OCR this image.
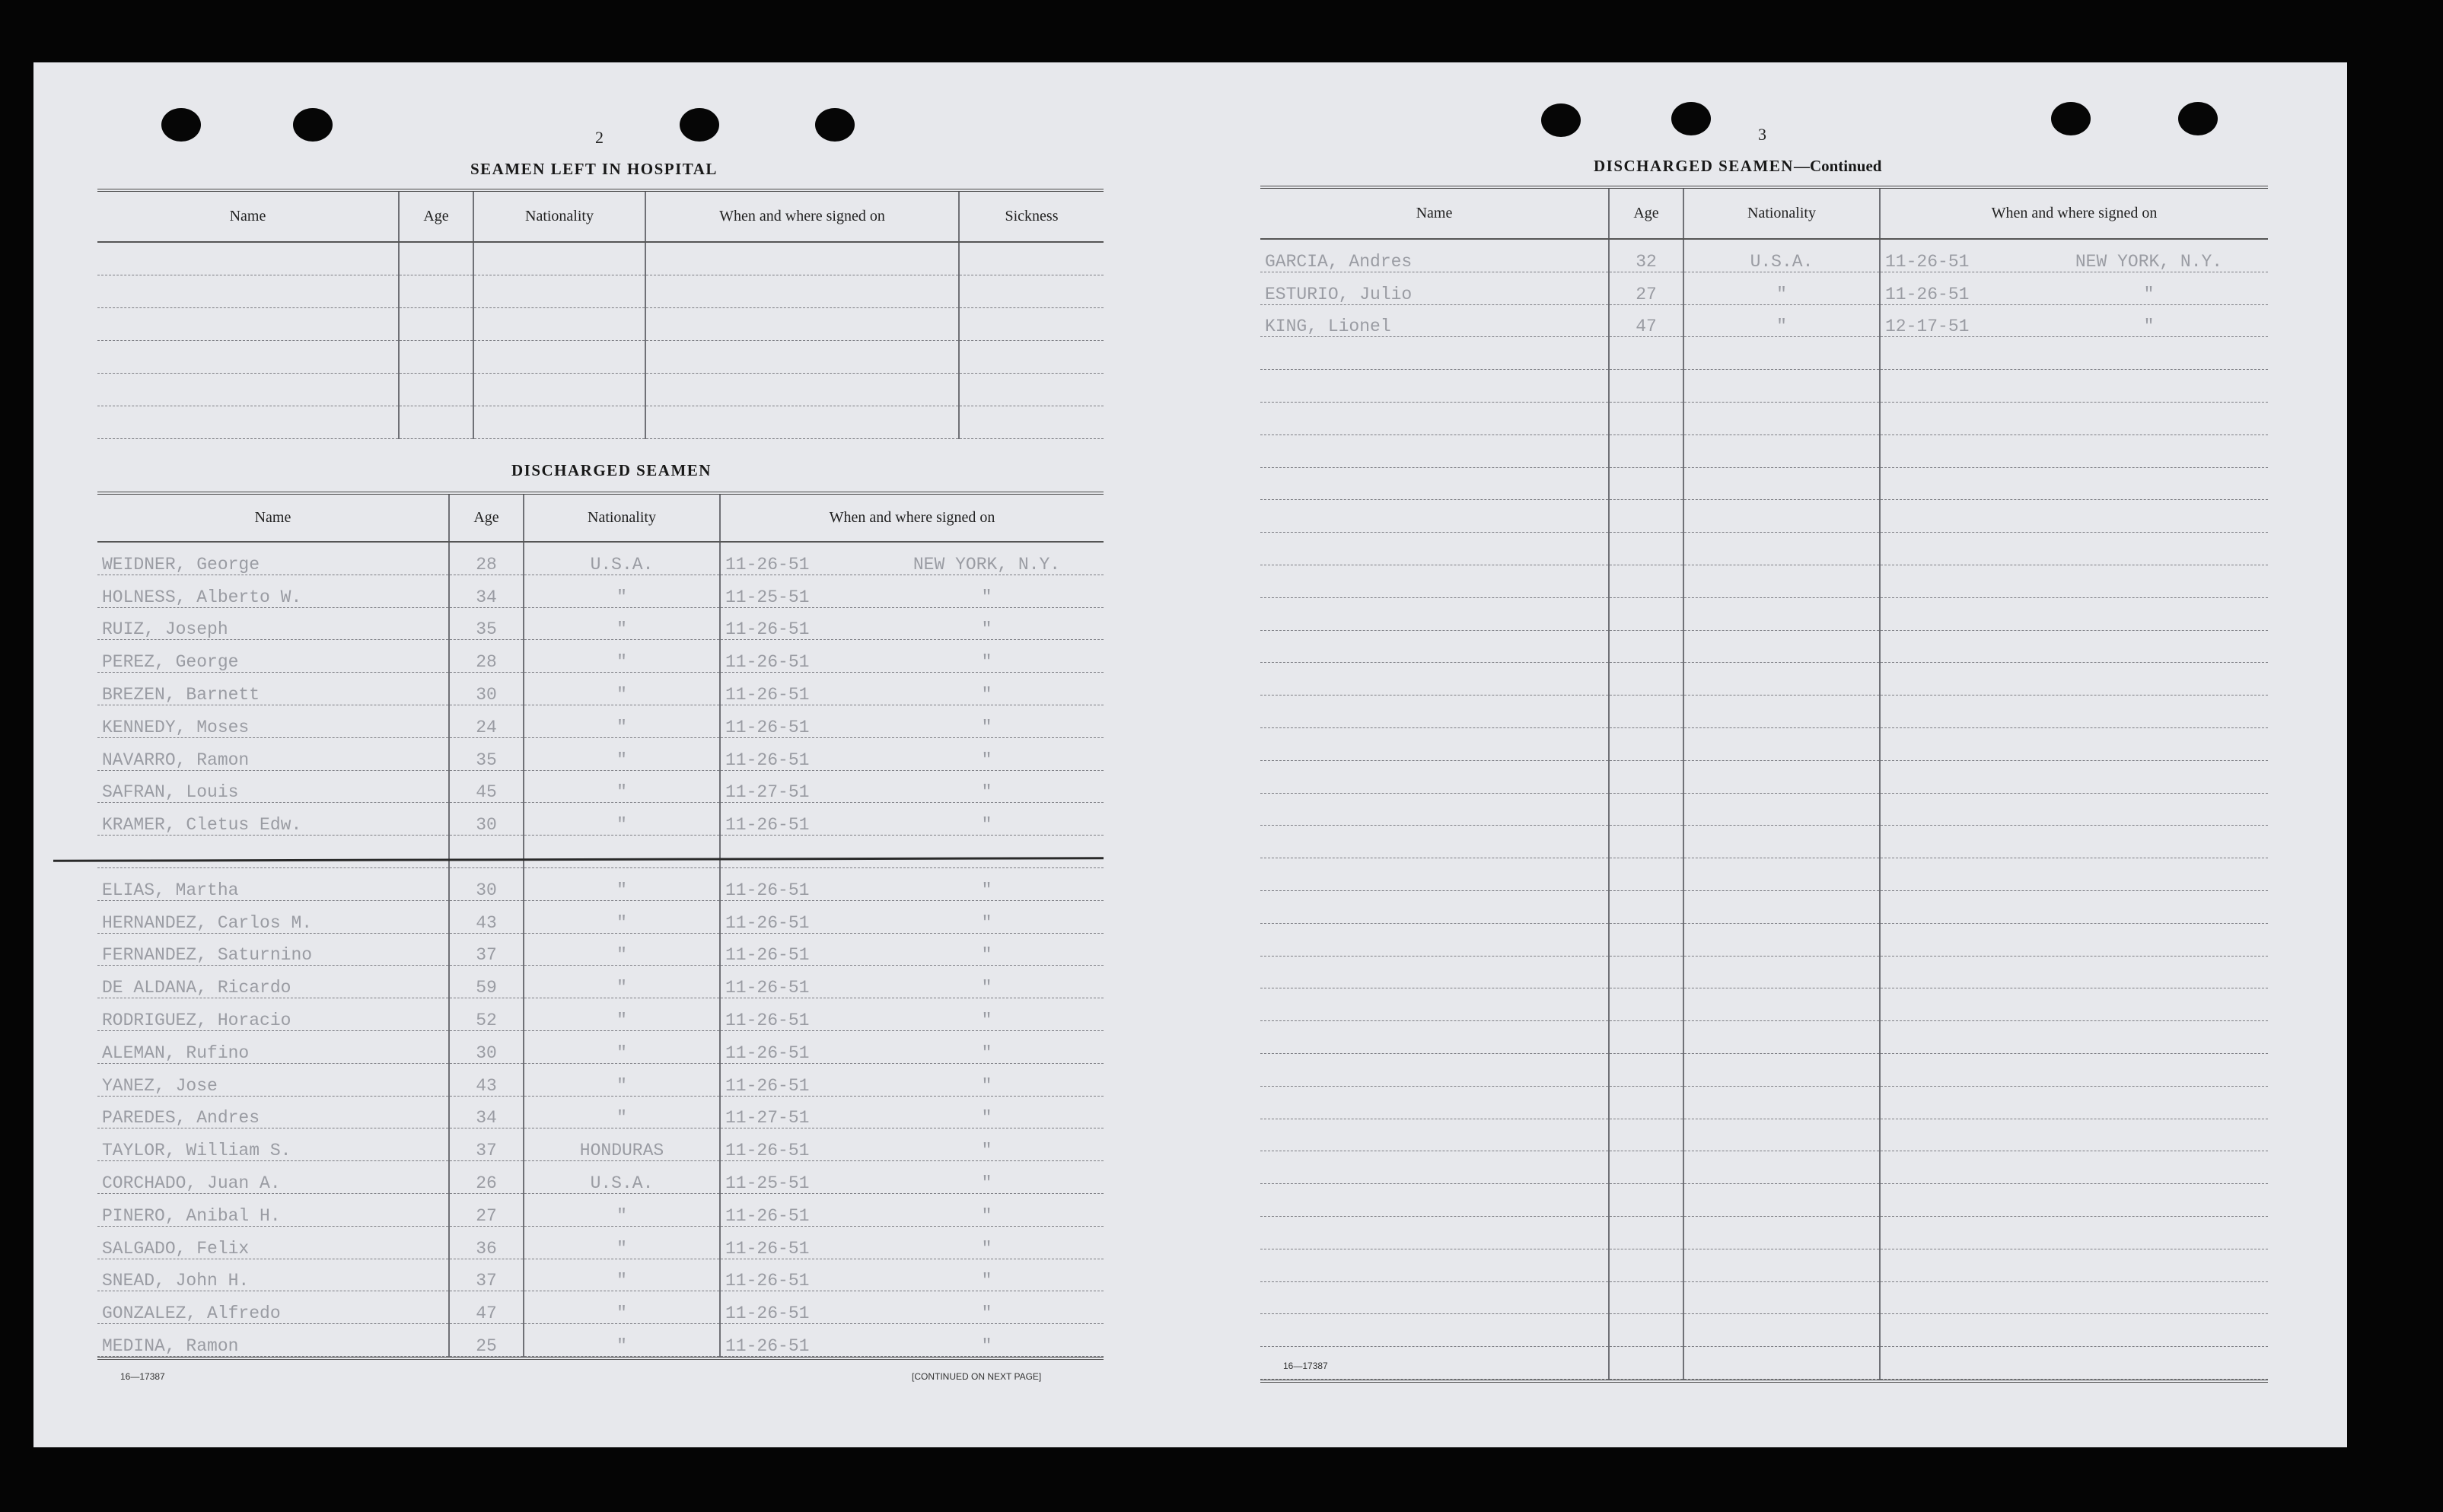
2
SEAMEN LEFT IN HOSPITAL
Name	Age	Nationality	When and where signed on	Sickness

DISCHARGED SEAMEN
Name	Age	Nationality	When and where signed on
WEIDNER, George	28	U.S.A.	11-26-51 NEW YORK, N.Y.

HOLNESS, Alberto W.	34	"	11-25-51 "

RUIZ, Joseph	35	"	11-26-51 "

PEREZ, George	28	"	11-26-51 "

BREZEN, Barnett	30	"	11-26-51 "

KENNEDY, Moses	24	"	11-26-51 "

NAVARRO, Ramon	35	"	11-26-51 "

SAFRAN, Louis	45	"	11-27-51 "

KRAMER, Cletus Edw.	30	"	11-26-51 "

ELIAS, Martha	30	"	11-26-51 "

HERNANDEZ, Carlos M.	43	"	11-26-51 "

FERNANDEZ, Saturnino	37	"	11-26-51 "

DE ALDANA, Ricardo	59	"	11-26-51 "

RODRIGUEZ, Horacio	52	"	11-26-51 "

ALEMAN, Rufino	30	"	11-26-51 "

YANEZ, Jose	43	"	11-26-51 "

PAREDES, Andres	34	"	11-27-51 "

TAYLOR, William S.	37	HONDURAS	11-26-51 "

CORCHADO, Juan A.	26	U.S.A.	11-25-51 "

PINERO, Anibal H.	27	"	11-26-51 "

SALGADO, Felix	36	"	11-26-51 "

SNEAD, John H.	37	"	11-26-51 "

GONZALEZ, Alfredo	47	"	11-26-51 "

MEDINA, Ramon	25	"	11-26-51 "
16—17387	[CONTINUED ON NEXT PAGE]
3
DISCHARGED SEAMEN—Continued
Name	Age	Nationality	When and where signed on
GARCIA, Andres	32	U.S.A.	11-26-51 NEW YORK, N.Y.

ESTURIO, Julio	27	"	11-26-51 "

KING, Lionel	47	"	12-17-51 "

16—17387
